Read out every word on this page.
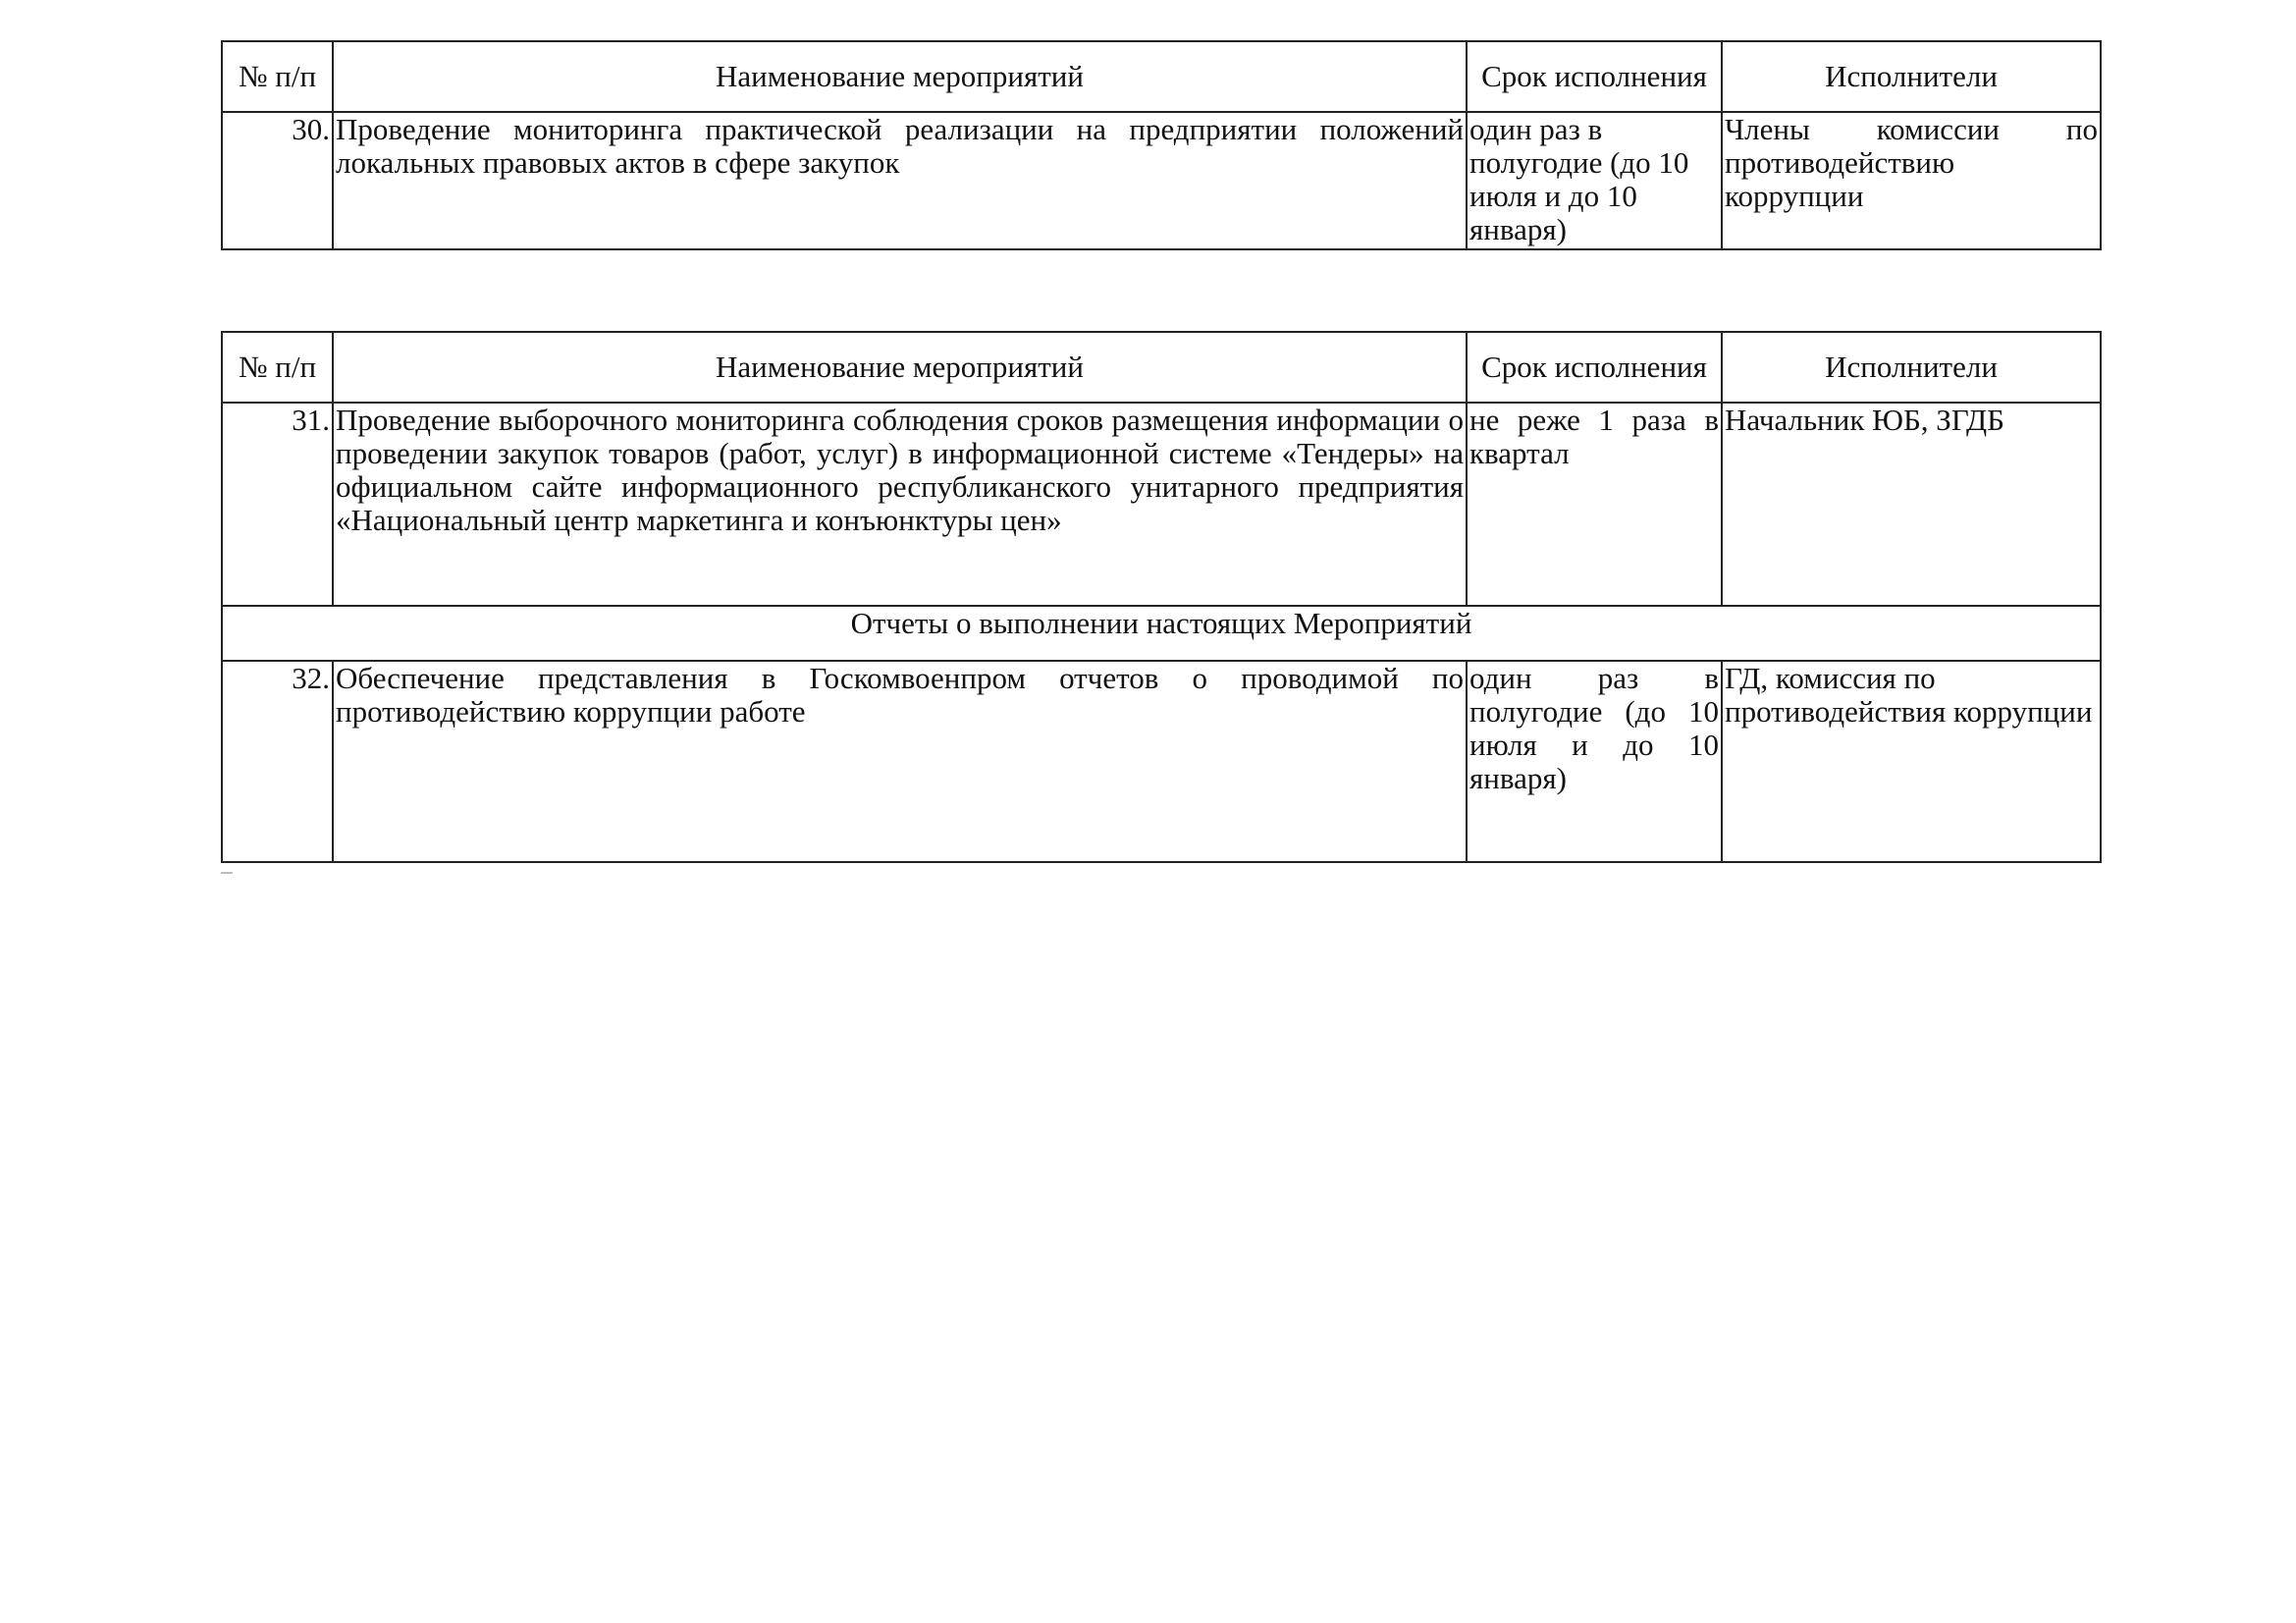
№ п/п	Наименование мероприятий	Срок исполнения	Исполнители
30.	Проведение мониторинга практической реализации на предприятии положений локальных правовых актов в сфере закупок	один раз в полугодие (до 10 июля и до 10 января)	Члены комиссии по противодействию коррупции
№ п/п	Наименование мероприятий	Срок исполнения	Исполнители
31.	Проведение выборочного мониторинга соблюдения сроков размещения информации о проведении закупок товаров (работ, услуг) в информационной системе «Тендеры» на официальном сайте информационного республиканского унитарного предприятия «Национальный центр маркетинга и конъюнктуры цен»	не реже 1 раза в квартал	Начальник ЮБ, ЗГДБ
Отчеты о выполнении настоящих Мероприятий			
32.	Обеспечение представления в Госкомвоенпром отчетов о проводимой по противодействию коррупции работе	один раз в полугодие (до 10 июля и до 10 января)	ГД, комиссия по противодействия коррупции
